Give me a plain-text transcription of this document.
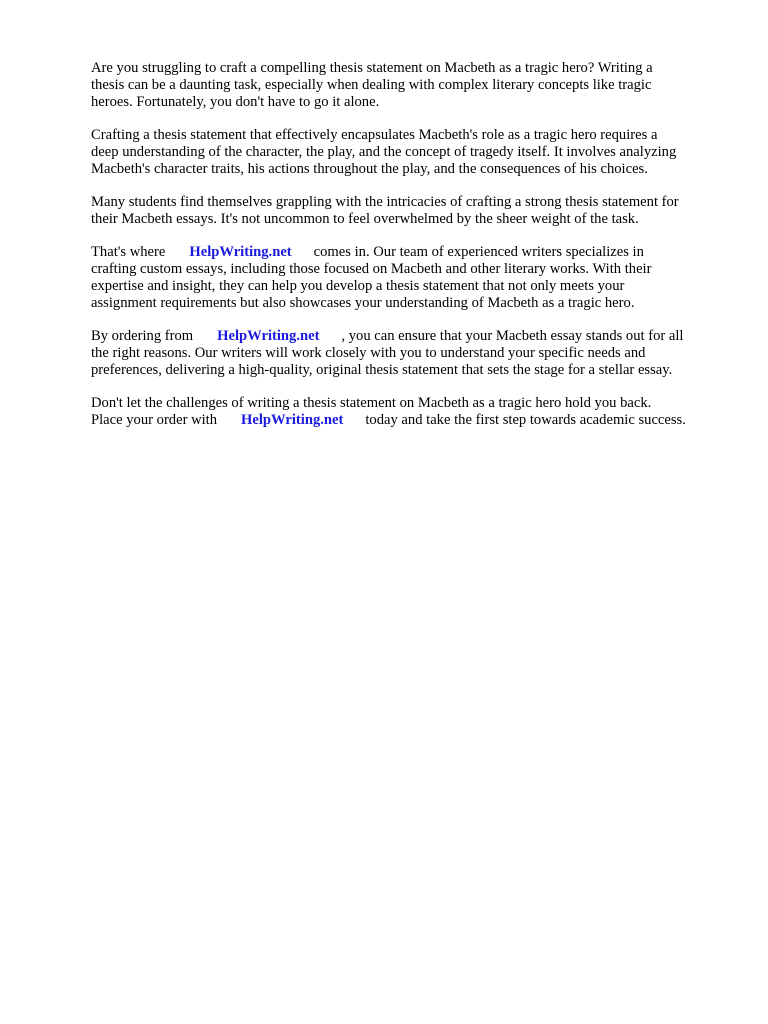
Are you struggling to craft a compelling thesis statement on Macbeth as a tragic hero? Writing a
thesis can be a daunting task, especially when dealing with complex literary concepts like tragic
heroes. Fortunately, you don't have to go it alone.

Crafting a thesis statement that effectively encapsulates Macbeth's role as a tragic hero requires a
deep understanding of the character, the play, and the concept of tragedy itself. It involves analyzing
Macbeth's character traits, his actions throughout the play, and the consequences of his choices.

Many students find themselves grappling with the intricacies of crafting a strong thesis statement for
their Macbeth essays. It's not uncommon to feel overwhelmed by the sheer weight of the task.

That's where HelpWriting.net comes in. Our team of experienced writers specializes in
crafting custom essays, including those focused on Macbeth and other literary works. With their
expertise and insight, they can help you develop a thesis statement that not only meets your
assignment requirements but also showcases your understanding of Macbeth as a tragic hero.

By ordering from HelpWriting.net , you can ensure that your Macbeth essay stands out for all
the right reasons. Our writers will work closely with you to understand your specific needs and
preferences, delivering a high-quality, original thesis statement that sets the stage for a stellar essay.

Don't let the challenges of writing a thesis statement on Macbeth as a tragic hero hold you back.
Place your order with HelpWriting.net today and take the first step towards academic success.
